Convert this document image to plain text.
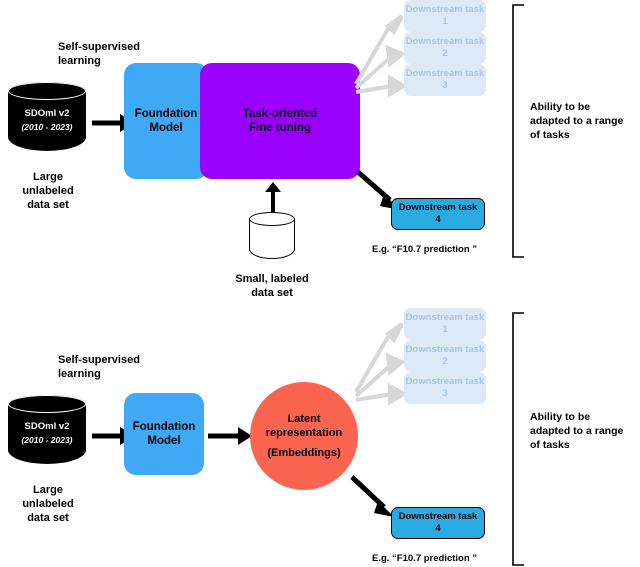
SDOml v2
(2010 - 2023)
Large
unlabeled
data set
Self-supervised
learning
Foundation
Model
Task-oriented
Fine tuning
Small, labeled
data set
Downstream task
1
Downstream task
2
Downstream task
3
Downstream task
4
E.g. “F10.7 prediction ”
Ability to be
adapted to a range
of tasks
SDOml v2
(2010 - 2023)
Large
unlabeled
data set
Self-supervised
learning
Foundation
Model
Latent
representation
(Embeddings)
Downstream task
1
Downstream task
2
Downstream task
3
Downstream task
4
E.g. “F10.7 prediction ”
Ability to be
adapted to a range
of tasks
